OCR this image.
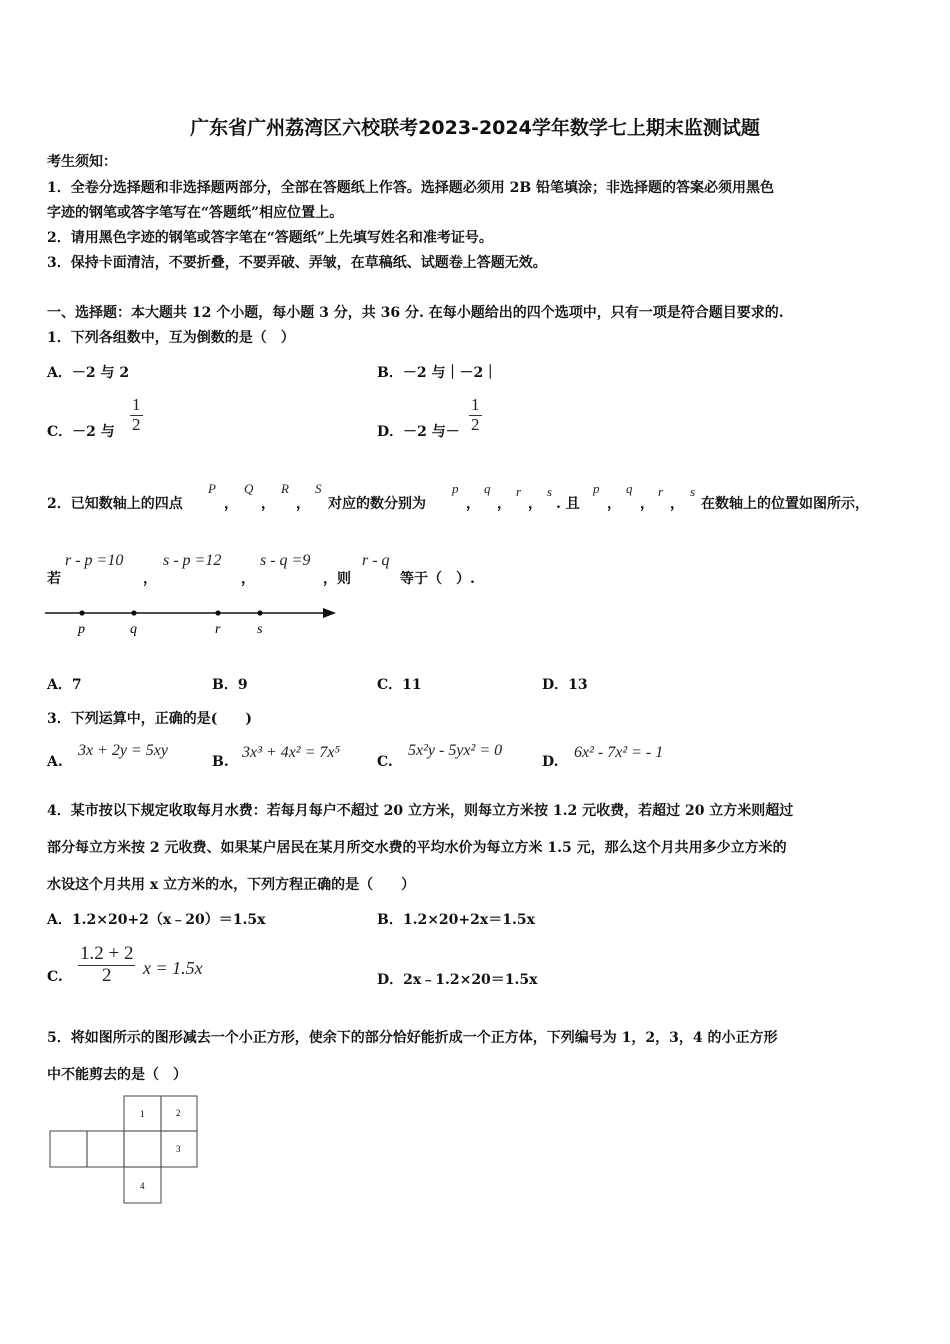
广东省广州荔湾区六校联考2023-2024学年数学七上期末监测试题
考生须知：
1．全卷分选择题和非选择题两部分，全部在答题纸上作答。选择题必须用 2B 铅笔填涂；非选择题的答案必须用黑色
字迹的钢笔或答字笔写在“答题纸”相应位置上。
2．请用黑色字迹的钢笔或答字笔在“答题纸”上先填写姓名和准考证号。
3．保持卡面清洁，不要折叠，不要弄破、弄皱，在草稿纸、试题卷上答题无效。
一、选择题：本大题共 12 个小题，每小题 3 分，共 36 分. 在每小题给出的四个选项中，只有一项是符合题目要求的.
1．下列各组数中，互为倒数的是（　）
A．－2 与 2	B．－2 与｜－2｜
C．－2 与 $\frac{1}{2}$	D．－2 与－ $\frac{1}{2}$
2．已知数轴上的四点
P
，
Q
，
R
，
S
对应的数分别为
p
，
q
，
r
，
s
. 且
p
，
q
，
r
，
s
在数轴上的位置如图所示，
若
r - p =10
，
s - p =12
，
s - q =9
，则
r - q
等于（　）.
p	q	r	s
A．7	B．9	C．11	D．13
3．下列运算中，正确的是(　　)
A.
3x + 2y = 5xy
B.
3x³ + 4x² = 7x⁵
C.
5x²y - 5yx² = 0
D.
6x² - 7x² = - 1
4．某市按以下规定收取每月水费：若每月每户不超过 20 立方米，则每立方米按 1.2 元收费，若超过 20 立方米则超过
部分每立方米按 2 元收费、如果某户居民在某月所交水费的平均水价为每立方米 1.5 元，那么这个月共用多少立方米的
水设这个月共用 x 立方米的水，下列方程正确的是（　　）
A．1.2×20+2（x﹣20）＝1.5x	B．1.2×20+2x＝1.5x
C. $\frac{1.2 + 2}{2}$ x = 1.5x
D．2x﹣1.2×20＝1.5x
5．将如图所示的图形减去一个小正方形，使余下的部分恰好能折成一个正方体，下列编号为 1，2，3，4 的小正方形
中不能剪去的是（　）
1	2
3
4
